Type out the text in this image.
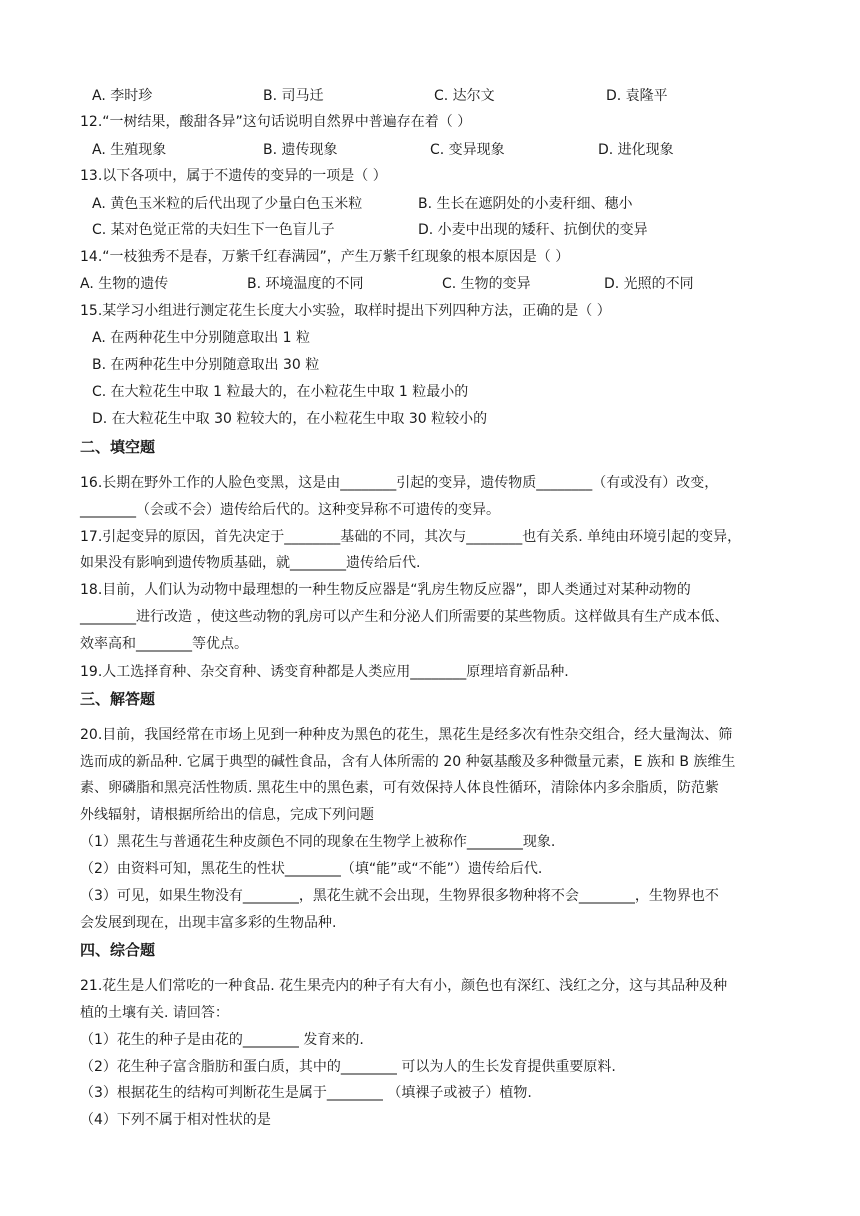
A. 李时珍	B. 司马迁	C. 达尔文	D. 袁隆平
12.“一树结果，酸甜各异”这句话说明自然界中普遍存在着（ ）
A. 生殖现象	B. 遗传现象	C. 变异现象	D. 进化现象
13.以下各项中，属于不遗传的变异的一项是（ ）
A. 黄色玉米粒的后代出现了少量白色玉米粒	B. 生长在遮阴处的小麦秆细、穗小
C. 某对色觉正常的夫妇生下一色盲儿子	D. 小麦中出现的矮秆、抗倒伏的变异
14.“一枝独秀不是春，万紫千红春满园”，产生万紫千红现象的根本原因是（ ）
A. 生物的遗传	B. 环境温度的不同	C. 生物的变异	D. 光照的不同
15.某学习小组进行测定花生长度大小实验，取样时提出下列四种方法，正确的是（ ）
A. 在两种花生中分别随意取出 1 粒
B. 在两种花生中分别随意取出 30 粒
C. 在大粒花生中取 1 粒最大的，在小粒花生中取 1 粒最小的
D. 在大粒花生中取 30 粒较大的，在小粒花生中取 30 粒较小的
二、填空题
16.长期在野外工作的人脸色变黑，这是由________引起的变异，遗传物质________（有或没有）改变，
________（会或不会）遗传给后代的。这种变异称不可遗传的变异。
17.引起变异的原因，首先决定于________基础的不同，其次与________也有关系. 单纯由环境引起的变异，
如果没有影响到遗传物质基础，就________遗传给后代.
18.目前，人们认为动物中最理想的一种生物反应器是“乳房生物反应器”，即人类通过对某种动物的
________进行改造 ，使这些动物的乳房可以产生和分泌人们所需要的某些物质。这样做具有生产成本低、
效率高和________等优点。
19.人工选择育种、杂交育种、诱变育种都是人类应用________原理培育新品种.
三、解答题
20.目前，我国经常在市场上见到一种种皮为黑色的花生，黑花生是经多次有性杂交组合，经大量淘汰、筛
选而成的新品种. 它属于典型的碱性食品，含有人体所需的 20 种氨基酸及多种微量元素，E 族和 B 族维生
素、卵磷脂和黑亮活性物质. 黑花生中的黑色素，可有效保持人体良性循环，清除体内多余脂质，防范紫
外线辐射，请根据所给出的信息，完成下列问题
（1）黑花生与普通花生种皮颜色不同的现象在生物学上被称作________现象.
（2）由资料可知，黑花生的性状________（填“能”或“不能”）遗传给后代.
（3）可见，如果生物没有________，黑花生就不会出现，生物界很多物种将不会________，生物界也不
会发展到现在，出现丰富多彩的生物品种.
四、综合题
21.花生是人们常吃的一种食品. 花生果壳内的种子有大有小，颜色也有深红、浅红之分，这与其品种及种
植的土壤有关. 请回答：
（1）花生的种子是由花的________ 发育来的.
（2）花生种子富含脂肪和蛋白质，其中的________ 可以为人的生长发育提供重要原料.
（3）根据花生的结构可判断花生是属于________ （填裸子或被子）植物.
（4）下列不属于相对性状的是
